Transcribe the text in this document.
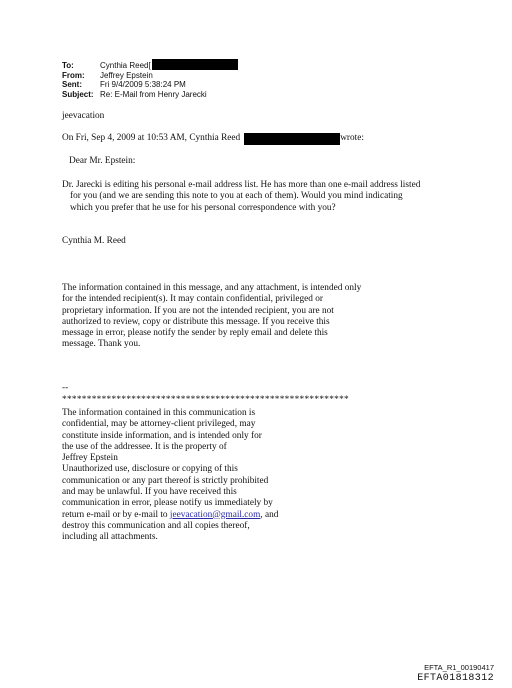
To:	Cynthia Reed[
From:	Jeffrey Epstein
Sent:	Fri 9/4/2009 5:38:24 PM
Subject: Re: E-Mail from Henry Jarecki
jeevacation
On Fri, Sep 4, 2009 at 10:53 AM, Cynthia Reed	wrote:
Dear Mr. Epstein:
Dr. Jarecki is editing his personal e-mail address list. He has more than one e-mail address listed
for you (and we are sending this note to you at each of them). Would you mind indicating
which you prefer that he use for his personal correspondence with you?
Cynthia M. Reed
The information contained in this message, and any attachment, is intended only
for the intended recipient(s). It may contain confidential, privileged or
proprietary information. If you are not the intended recipient, you are not
authorized to review, copy or distribute this message. If you receive this
message in error, please notify the sender by reply email and delete this
message. Thank you.
--
**********************************************************
The information contained in this communication is
confidential, may be attorney-client privileged, may
constitute inside information, and is intended only for
the use of the addressee. It is the property of
Jeffrey Epstein
Unauthorized use, disclosure or copying of this
communication or any part thereof is strictly prohibited
and may be unlawful. If you have received this
communication in error, please notify us immediately by
return e-mail or by e-mail to jeevacation@gmail.com, and
destroy this communication and all copies thereof,
including all attachments.
EFTA_R1_00190417
EFTA01818312
